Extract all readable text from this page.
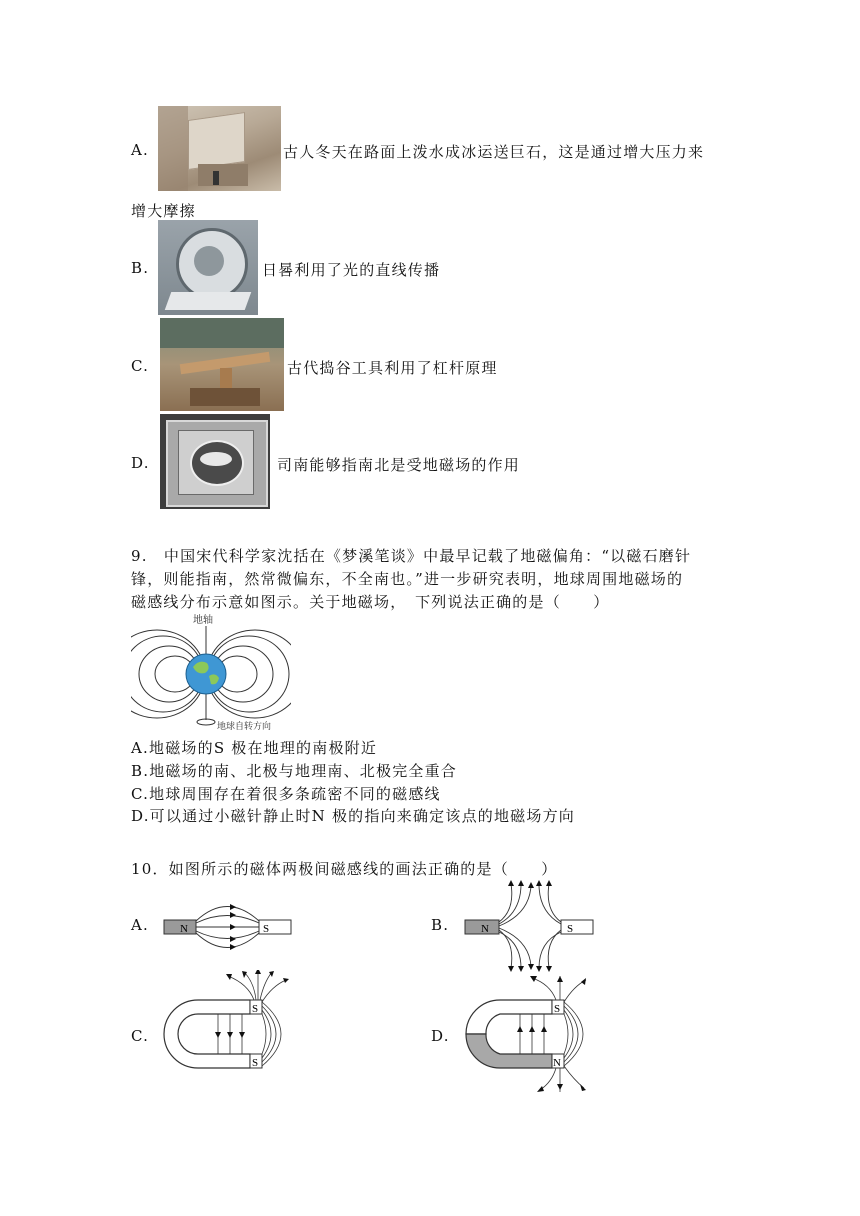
A.	古人冬天在路面上泼水成冰运送巨石，这是通过增大压力来
增大摩擦
B.	日晷利用了光的直线传播
C.	古代捣谷工具利用了杠杆原理
D.	司南能够指南北是受地磁场的作用
9.　中国宋代科学家沈括在《梦溪笔谈》中最早记载了地磁偏角：“以磁石磨针
锋，则能指南，然常微偏东，不全南也。”进一步研究表明，地球周围地磁场的
磁感线分布示意如图示。关于地磁场，　下列说法正确的是（　　）
地轴
地球自转方向
A.地磁场的S 极在地理的南极附近
B.地磁场的南、北极与地理南、北极完全重合
C.地球周围存在着很多条疏密不同的磁感线
D.可以通过小磁针静止时N 极的指向来确定该点的地磁场方向
10．如图所示的磁体两极间磁感线的画法正确的是（　　）
A.	N	S	B.	N	S
C.
S
S
D.
S
N
